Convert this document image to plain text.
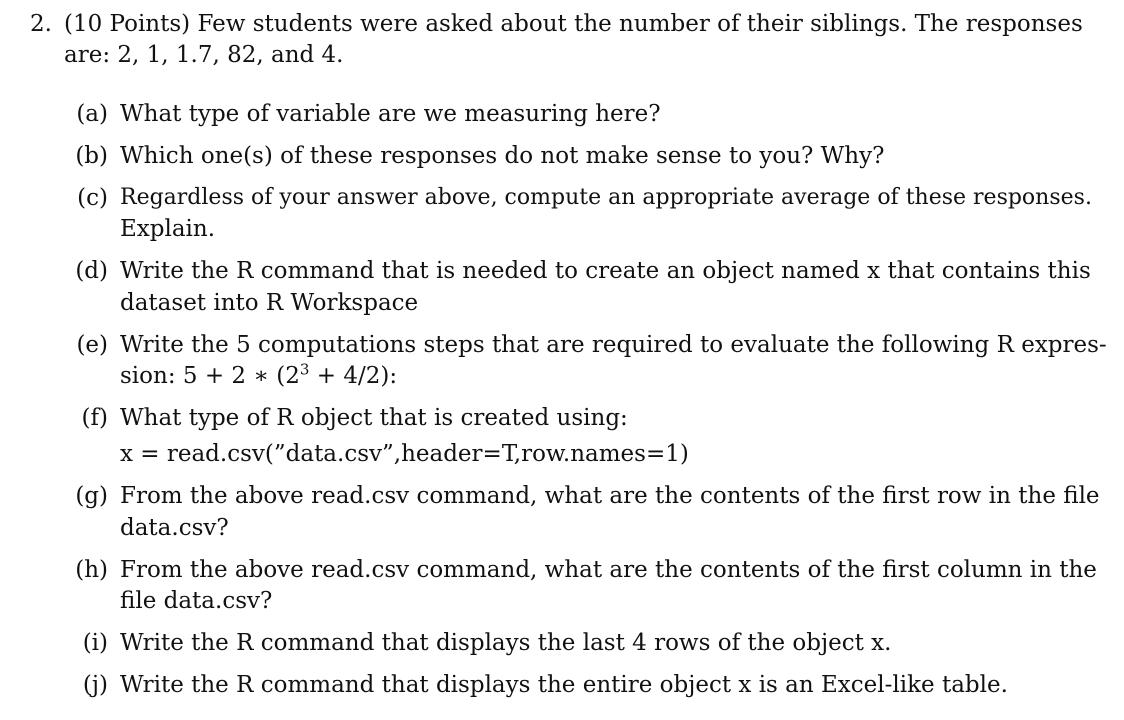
2. (10 Points) Few students were asked about the number of their siblings. The responses
are: 2, 1, 1.7, 82, and 4.
(a) What type of variable are we measuring here?
(b) Which one(s) of these responses do not make sense to you? Why?
(c) Regardless of your answer above, compute an appropriate average of these responses.
Explain.
(d) Write the R command that is needed to create an object named x that contains this
dataset into R Workspace
(e) Write the 5 computations steps that are required to evaluate the following R expres-
sion: 5 + 2 ∗ $(2^3 + 4/2)$:
(f) What type of R object that is created using:
x = read.csv(”data.csv”,header=T,row.names=1)
(g) From the above read.csv command, what are the contents of the first row in the file
data.csv?
(h) From the above read.csv command, what are the contents of the first column in the
file data.csv?
(i) Write the R command that displays the last 4 rows of the object x.
(j) Write the R command that displays the entire object x is an Excel-like table.
